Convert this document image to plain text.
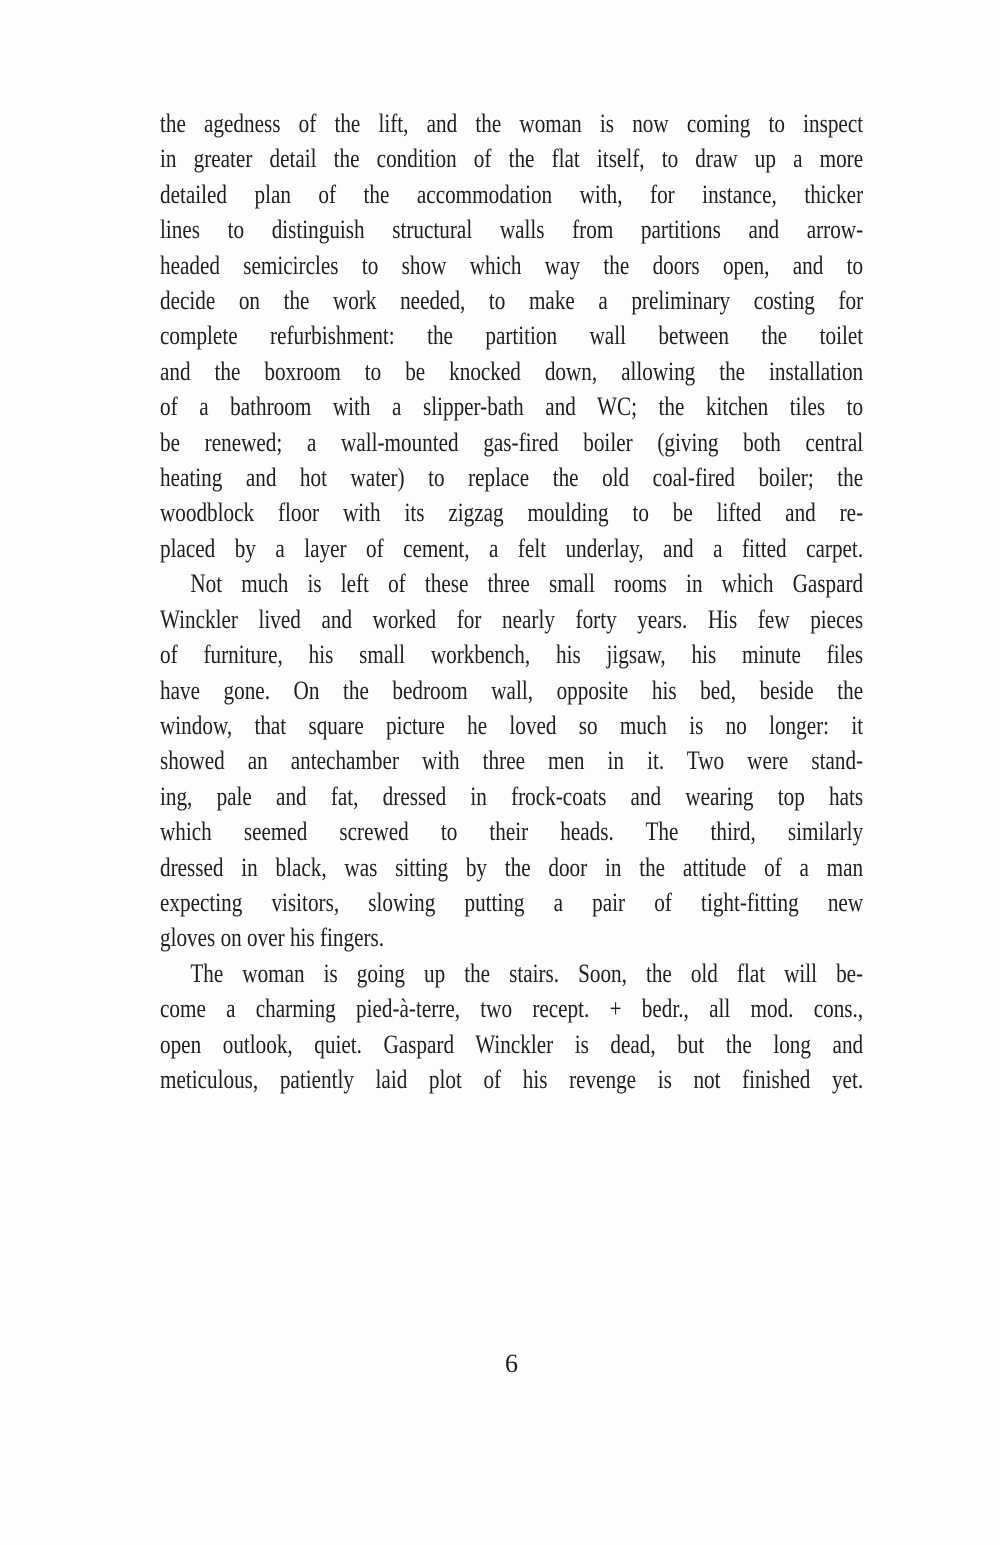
the agedness of the lift, and the woman is now coming to inspect
in greater detail the condition of the flat itself, to draw up a more
detailed plan of the accommodation with, for instance, thicker
lines to distinguish structural walls from partitions and arrow-
headed semicircles to show which way the doors open, and to
decide on the work needed, to make a preliminary costing for
complete refurbishment: the partition wall between the toilet
and the boxroom to be knocked down, allowing the installation
of a bathroom with a slipper-bath and WC; the kitchen tiles to
be renewed; a wall-mounted gas-fired boiler (giving both central
heating and hot water) to replace the old coal-fired boiler; the
woodblock floor with its zigzag moulding to be lifted and re-
placed by a layer of cement, a felt underlay, and a fitted carpet.
Not much is left of these three small rooms in which Gaspard
Winckler lived and worked for nearly forty years. His few pieces
of furniture, his small workbench, his jigsaw, his minute files
have gone. On the bedroom wall, opposite his bed, beside the
window, that square picture he loved so much is no longer: it
showed an antechamber with three men in it. Two were stand-
ing, pale and fat, dressed in frock-coats and wearing top hats
which seemed screwed to their heads. The third, similarly
dressed in black, was sitting by the door in the attitude of a man
expecting visitors, slowing putting a pair of tight-fitting new
gloves on over his fingers.
The woman is going up the stairs. Soon, the old flat will be-
come a charming pied-à-terre, two recept. + bedr., all mod. cons.,
open outlook, quiet. Gaspard Winckler is dead, but the long and
meticulous, patiently laid plot of his revenge is not finished yet.
6
